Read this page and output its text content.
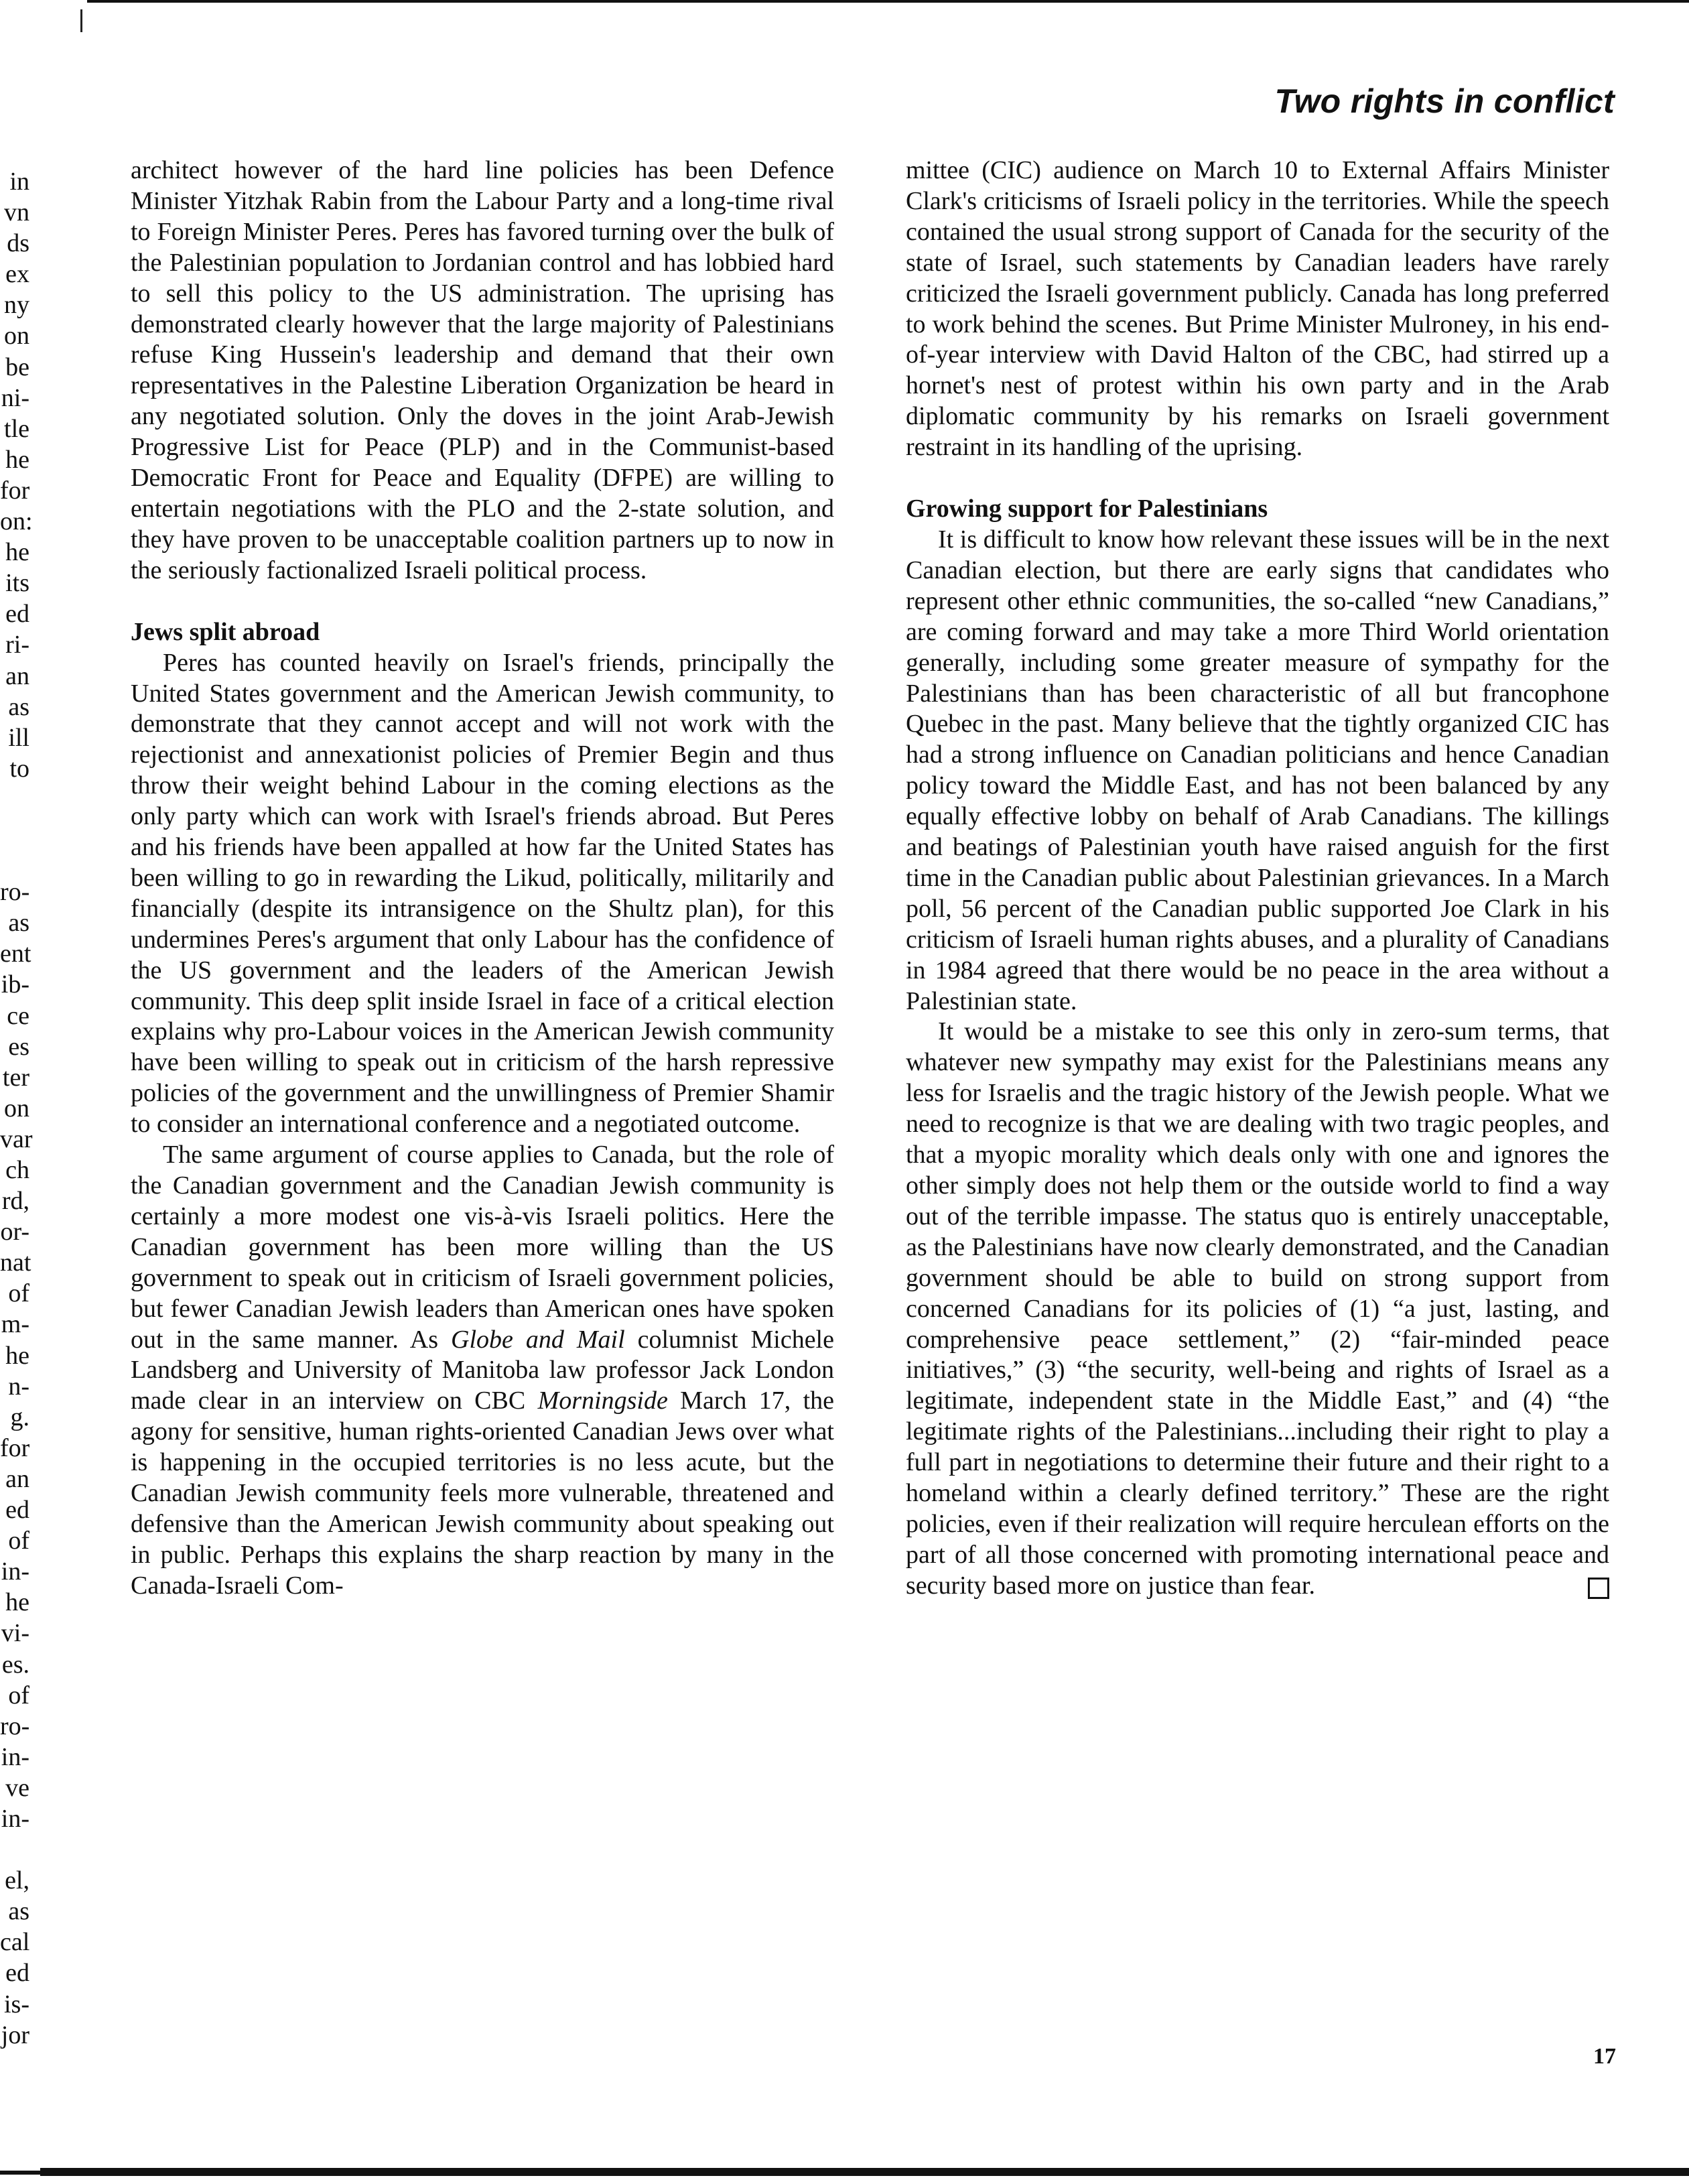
Two rights in conflict
in
vn
ds
ex
ny
on
be
ni-
tle
he
for
on:
he
its
ed
ri-
an
as
ill
to
ro-
as
ent
ib-
ce
es
ter
on
var
ch
rd,
or-
nat
of
m-
he
n-
g.
for
an
ed
of
in-
he
vi-
es.
of
ro-
in-
ve
in-
el,
as
cal
ed
is-
jor

architect however of the hard line policies has been Defence Minister Yitzhak Rabin from the Labour Party and a long-time rival to Foreign Minister Peres. Peres has favored turning over the bulk of the Palestinian population to Jordanian control and has lobbied hard to sell this policy to the US administration. The uprising has demonstrated clearly however that the large majority of Palestinians refuse King Hussein's leadership and demand that their own representatives in the Palestine Liberation Organization be heard in any negotiated solution. Only the doves in the joint Arab-Jewish Progressive List for Peace (PLP) and in the Communist-based Democratic Front for Peace and Equality (DFPE) are willing to entertain negotiations with the PLO and the 2-state solution, and they have proven to be unacceptable coalition partners up to now in the seriously factionalized Israeli political process.

Jews split abroad

Peres has counted heavily on Israel's friends, principally the United States government and the American Jewish community, to demonstrate that they cannot accept and will not work with the rejectionist and annexationist policies of Premier Begin and thus throw their weight behind Labour in the coming elections as the only party which can work with Israel's friends abroad. But Peres and his friends have been appalled at how far the United States has been willing to go in rewarding the Likud, politically, militarily and financially (despite its intransigence on the Shultz plan), for this undermines Peres's argument that only Labour has the confidence of the US government and the leaders of the American Jewish community. This deep split inside Israel in face of a critical election explains why pro-Labour voices in the American Jewish community have been willing to speak out in criticism of the harsh repressive policies of the government and the unwillingness of Premier Shamir to consider an international conference and a negotiated outcome.

The same argument of course applies to Canada, but the role of the Canadian government and the Canadian Jewish community is certainly a more modest one vis-à-vis Israeli politics. Here the Canadian government has been more willing than the US government to speak out in criticism of Israeli government policies, but fewer Canadian Jewish leaders than American ones have spoken out in the same manner. As Globe and Mail columnist Michele Landsberg and University of Manitoba law professor Jack London made clear in an interview on CBC Morningside March 17, the agony for sensitive, human rights-oriented Canadian Jews over what is happening in the occupied territories is no less acute, but the Canadian Jewish community feels more vulnerable, threatened and defensive than the American Jewish community about speaking out in public. Perhaps this explains the sharp reaction by many in the Canada-Israeli Com-

mittee (CIC) audience on March 10 to External Affairs Minister Clark's criticisms of Israeli policy in the territories. While the speech contained the usual strong support of Canada for the security of the state of Israel, such statements by Canadian leaders have rarely criticized the Israeli government publicly. Canada has long preferred to work behind the scenes. But Prime Minister Mulroney, in his end-of-year interview with David Halton of the CBC, had stirred up a hornet's nest of protest within his own party and in the Arab diplomatic community by his remarks on Israeli government restraint in its handling of the uprising.

Growing support for Palestinians

It is difficult to know how relevant these issues will be in the next Canadian election, but there are early signs that candidates who represent other ethnic communities, the so-called “new Canadians,” are coming forward and may take a more Third World orientation generally, including some greater measure of sympathy for the Palestinians than has been characteristic of all but francophone Quebec in the past. Many believe that the tightly organized CIC has had a strong influence on Canadian politicians and hence Canadian policy toward the Middle East, and has not been balanced by any equally effective lobby on behalf of Arab Canadians. The killings and beatings of Palestinian youth have raised anguish for the first time in the Canadian public about Palestinian grievances. In a March poll, 56 percent of the Canadian public supported Joe Clark in his criticism of Israeli human rights abuses, and a plurality of Canadians in 1984 agreed that there would be no peace in the area without a Palestinian state.

It would be a mistake to see this only in zero-sum terms, that whatever new sympathy may exist for the Palestinians means any less for Israelis and the tragic history of the Jewish people. What we need to recognize is that we are dealing with two tragic peoples, and that a myopic morality which deals only with one and ignores the other simply does not help them or the outside world to find a way out of the terrible impasse. The status quo is entirely unacceptable, as the Palestinians have now clearly demonstrated, and the Canadian government should be able to build on strong support from concerned Canadians for its policies of (1) “a just, lasting, and comprehensive peace settlement,” (2) “fair-minded peace initiatives,” (3) “the security, well-being and rights of Israel as a legitimate, independent state in the Middle East,” and (4) “the legitimate rights of the Palestinians...including their right to play a full part in negotiations to determine their future and their right to a homeland within a clearly defined territory.” These are the right policies, even if their realization will require herculean efforts on the part of all those concerned with promoting international peace and security based more on justice than fear.

17
